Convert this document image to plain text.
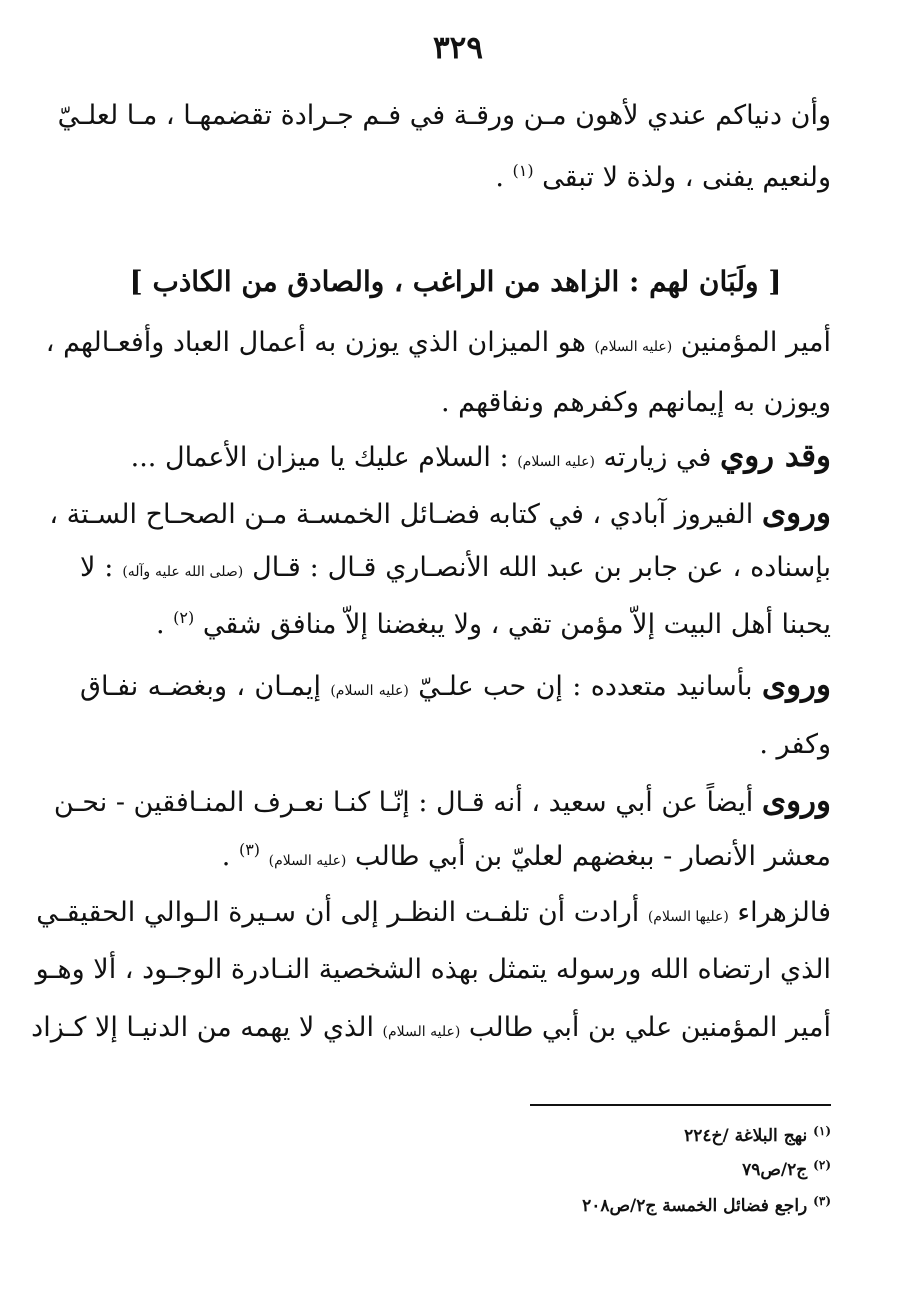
٣٢٩
وأن دنياكم عندي لأهون مـن ورقـة في فـم جـرادة تقضمهـا ، مـا لعلـيّ
ولنعيم يفنى ، ولذة لا تبقى $^{(١)}$ .
[ ولَبَان لهم : الزاهد من الراغب ، والصادق من الكاذب ]
أمير المؤمنين (عليه السلام) هو الميزان الذي يوزن به أعمال العباد وأفعـالهم ،
ويوزن به إيمانهم وكفرهم ونفاقهم .
وقد روي في زيارته (عليه السلام) : السلام عليك يا ميزان الأعمال ...
وروى الفيروز آبادي ، في كتابه فضـائل الخمسـة مـن الصحـاح السـتة ،
بإسناده ، عن جابر بن عبد الله الأنصـاري قـال : قـال (صلى الله عليه وآله) : لا
يحبنا أهل البيت إلاّ مؤمن تقي ، ولا يبغضنا إلاّ منافق شقي $^{(٢)}$ .
وروى بأسانيد متعدده : إن حب علـيّ (عليه السلام) إيمـان ، وبغضـه نفـاق
وكفر .
وروى أيضاً عن أبي سعيد ، أنه قـال : إنّـا كنـا نعـرف المنـافقين - نحـن
معشر الأنصار - ببغضهم لعليّ بن أبي طالب (عليه السلام) $^{(٣)}$ .
فالزهراء (عليها السلام) أرادت أن تلفـت النظـر إلى أن سـيرة الـوالي الحقيقـي
الذي ارتضاه الله ورسوله يتمثل بهذه الشخصية النـادرة الوجـود ، ألا وهـو
أمير المؤمنين علي بن أبي طالب (عليه السلام) الذي لا يهمه من الدنيـا إلا كـزاد
$^{(١)}$ نهج البلاغة /خ٢٢٤
$^{(٢)}$ ج٢/ص٧٩
$^{(٣)}$ راجع فضائل الخمسة ج٢/ص٢٠٨
